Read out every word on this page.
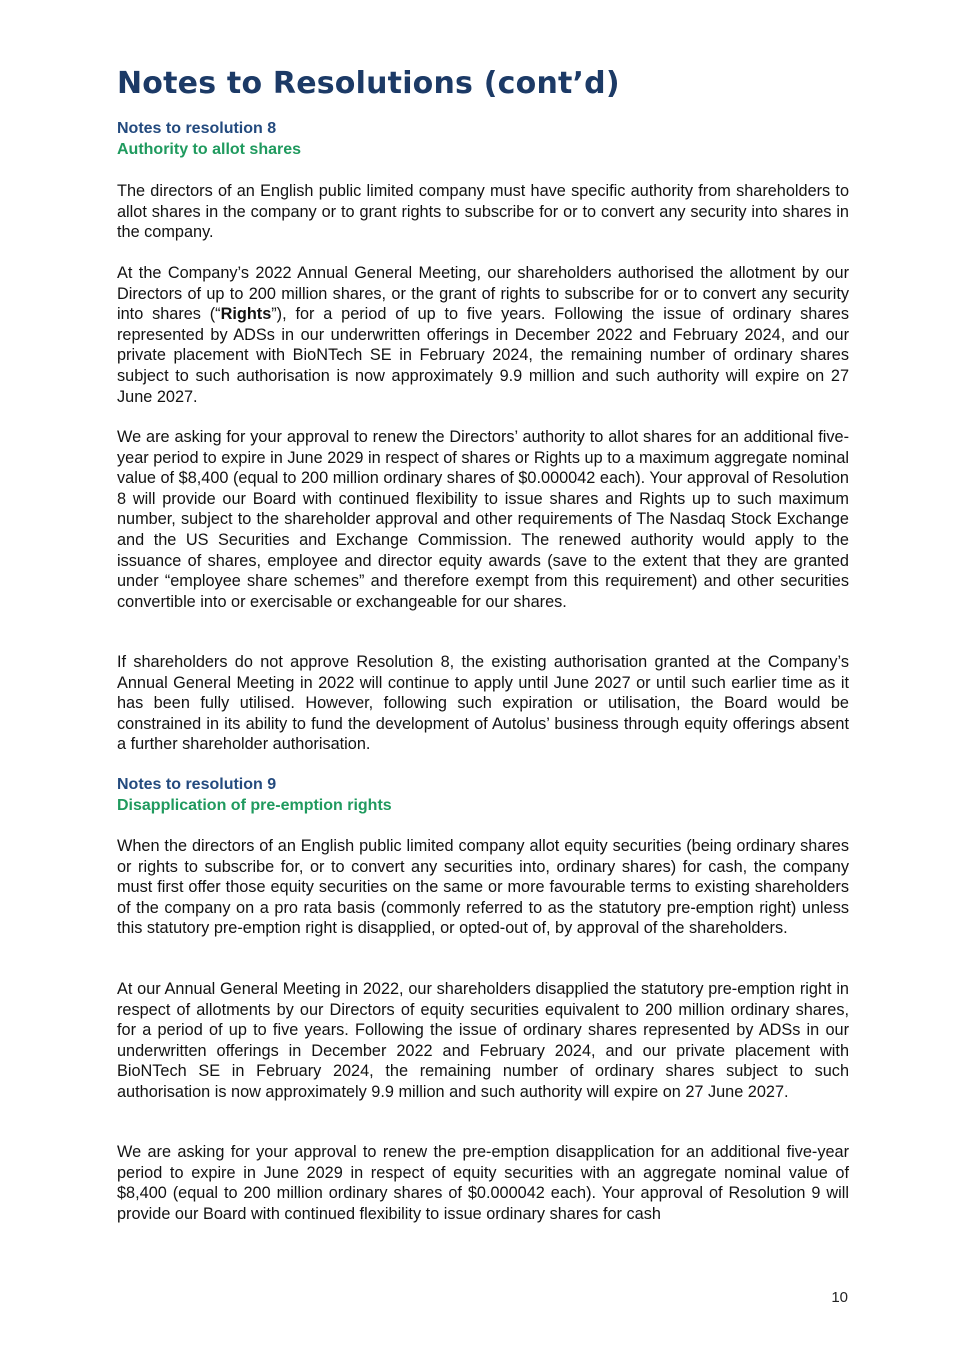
Notes to Resolutions (cont’d)

Notes to resolution 8

Authority to allot shares

The directors of an English public limited company must have specific authority from shareholders to allot shares in the company or to grant rights to subscribe for or to convert any security into shares in the company.

At the Company’s 2022 Annual General Meeting, our shareholders authorised the allotment by our Directors of up to 200 million shares, or the grant of rights to subscribe for or to convert any security into shares (“Rights”), for a period of up to five years. Following the issue of ordinary shares represented by ADSs in our underwritten offerings in December 2022 and February 2024, and our private placement with BioNTech SE in February 2024, the remaining number of ordinary shares subject to such authorisation is now approximately 9.9 million and such authority will expire on 27 June 2027.

We are asking for your approval to renew the Directors’ authority to allot shares for an additional five-year period to expire in June 2029 in respect of shares or Rights up to a maximum aggregate nominal value of $8,400 (equal to 200 million ordinary shares of $0.000042 each). Your approval of Resolution 8 will provide our Board with continued flexibility to issue shares and Rights up to such maximum number, subject to the shareholder approval and other requirements of The Nasdaq Stock Exchange and the US Securities and Exchange Commission. The renewed authority would apply to the issuance of shares, employee and director equity awards (save to the extent that they are granted under “employee share schemes” and therefore exempt from this requirement) and other securities convertible into or exercisable or exchangeable for our shares.

If shareholders do not approve Resolution 8, the existing authorisation granted at the Company’s Annual General Meeting in 2022 will continue to apply until June 2027 or until such earlier time as it has been fully utilised. However, following such expiration or utilisation, the Board would be constrained in its ability to fund the development of Autolus’ business through equity offerings absent a further shareholder authorisation.

Notes to resolution 9

Disapplication of pre-emption rights

When the directors of an English public limited company allot equity securities (being ordinary shares or rights to subscribe for, or to convert any securities into, ordinary shares) for cash, the company must first offer those equity securities on the same or more favourable terms to existing shareholders of the company on a pro rata basis (commonly referred to as the statutory pre-emption right) unless this statutory pre-emption right is disapplied, or opted-out of, by approval of the shareholders.

At our Annual General Meeting in 2022, our shareholders disapplied the statutory pre-emption right in respect of allotments by our Directors of equity securities equivalent to 200 million ordinary shares, for a period of up to five years. Following the issue of ordinary shares represented by ADSs in our underwritten offerings in December 2022 and February 2024, and our private placement with BioNTech SE in February 2024, the remaining number of ordinary shares subject to such authorisation is now approximately 9.9 million and such authority will expire on 27 June 2027.

We are asking for your approval to renew the pre-emption disapplication for an additional five-year period to expire in June 2029 in respect of equity securities with an aggregate nominal value of $8,400 (equal to 200 million ordinary shares of $0.000042 each). Your approval of Resolution 9 will provide our Board with continued flexibility to issue ordinary shares for cash

10
